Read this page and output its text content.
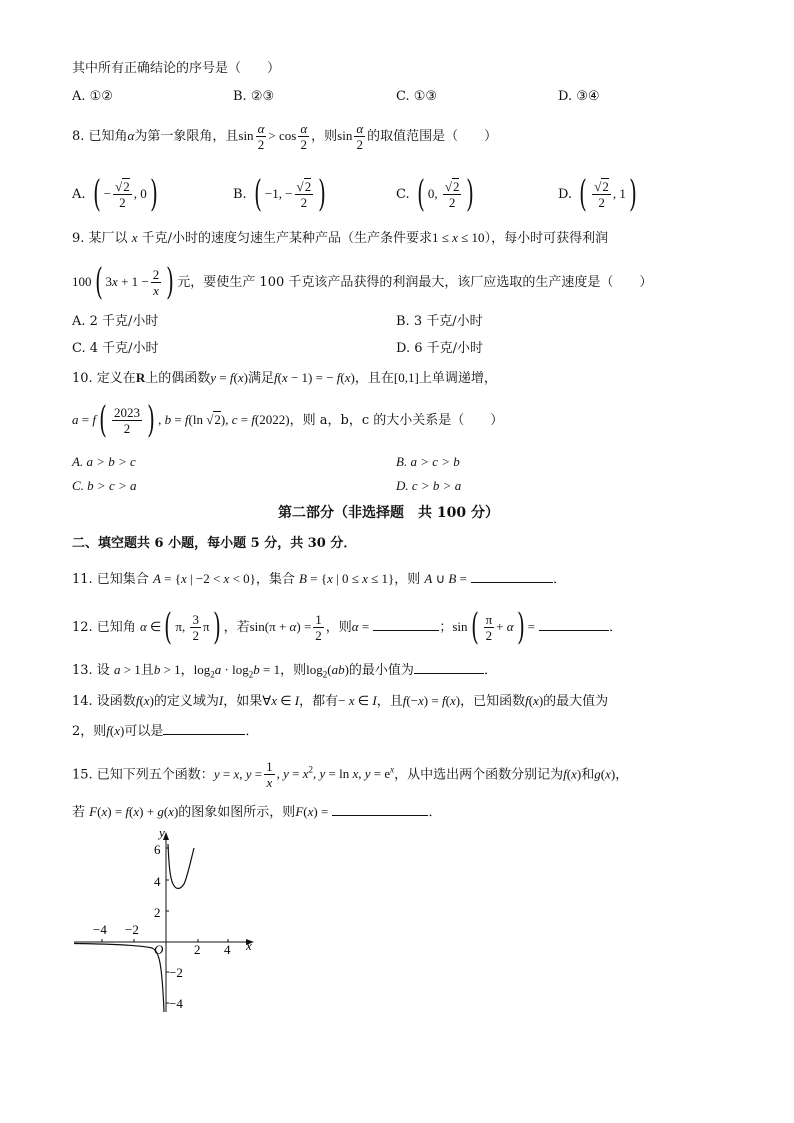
其中所有正确结论的序号是（　　）
A. ①②	B. ②③	C. ①③	D. ③④
8. 已知角α为第一象限角，且$\sin \frac{\alpha}{2} > \cos \frac{\alpha}{2}$ ，则$\sin \frac{\alpha}{2}$ 的取值范围是（　　）
A. ( − $\frac{√2}{2}$ , 0)	B. ( −1, − $\frac{√2}{2}$ )	C. ( 0, $\frac{√2}{2}$ )	D. ( $\frac{√2}{2}$ , 1)
9. 某厂以 x 千克/小时的速度匀速生产某种产品（生产条件要求1 ≤ x ≤ 10），每小时可获得利润
100( $3x + 1 - \frac{2}{x}$ ) 元，要使生产 100 千克该产品获得的利润最大，该厂应选取的生产速度是（　　）
A. 2 千克/小时	B. 3 千克/小时
C. 4 千克/小时	D. 6 千克/小时
10. 定义在R上的偶函数y = f(x)满足f(x − 1) = − f(x)，且在[0,1]上单调递增，
$a = f( \frac{2023}{2}$ ) , b = f(ln √2), c = f(2022)，则 a，b，c 的大小关系是（　　）
A. a > b > c	B. a > c > b
C. b > c > a	D. c > b > a
第二部分（非选择题　共 100 分）
二、填空题共 6 小题，每小题 5 分，共 30 分．
11. 已知集合 A = {x | −2 < x < 0}，集合 B = {x | 0 ≤ x ≤ 1}，则 A ∪ B =	．
12. 已知角 α ∈( π, $\frac{3}{2} \pi$) ，若$\sin(\pi + \alpha) = \frac{1}{2}$ ，则α =	；$\sin( \frac{\pi}{2} + \alpha)$ =	．
13. 设 a > 1且b > 1，$\log_2a \cdot \log_2b = 1$，则$\log_2(ab)$的最小值为	．
14. 设函数f(x)的定义域为I，如果∀x ∈ I，都有− x ∈ I，且f(−x) = f(x)，已知函数f(x)的最大值为
2，则f(x)可以是	．
15. 已知下列五个函数：y = x, $y = \frac{1}{x}$ , $y = x^2$, y = ln x, $y = e^x$，从中选出两个函数分别记为f(x)和g(x)，
若 F(x) = f(x) + g(x)的图象如图所示，则F(x) =	．
y
x
O
6
4
2
−2
−4
−4 −2
2 4
